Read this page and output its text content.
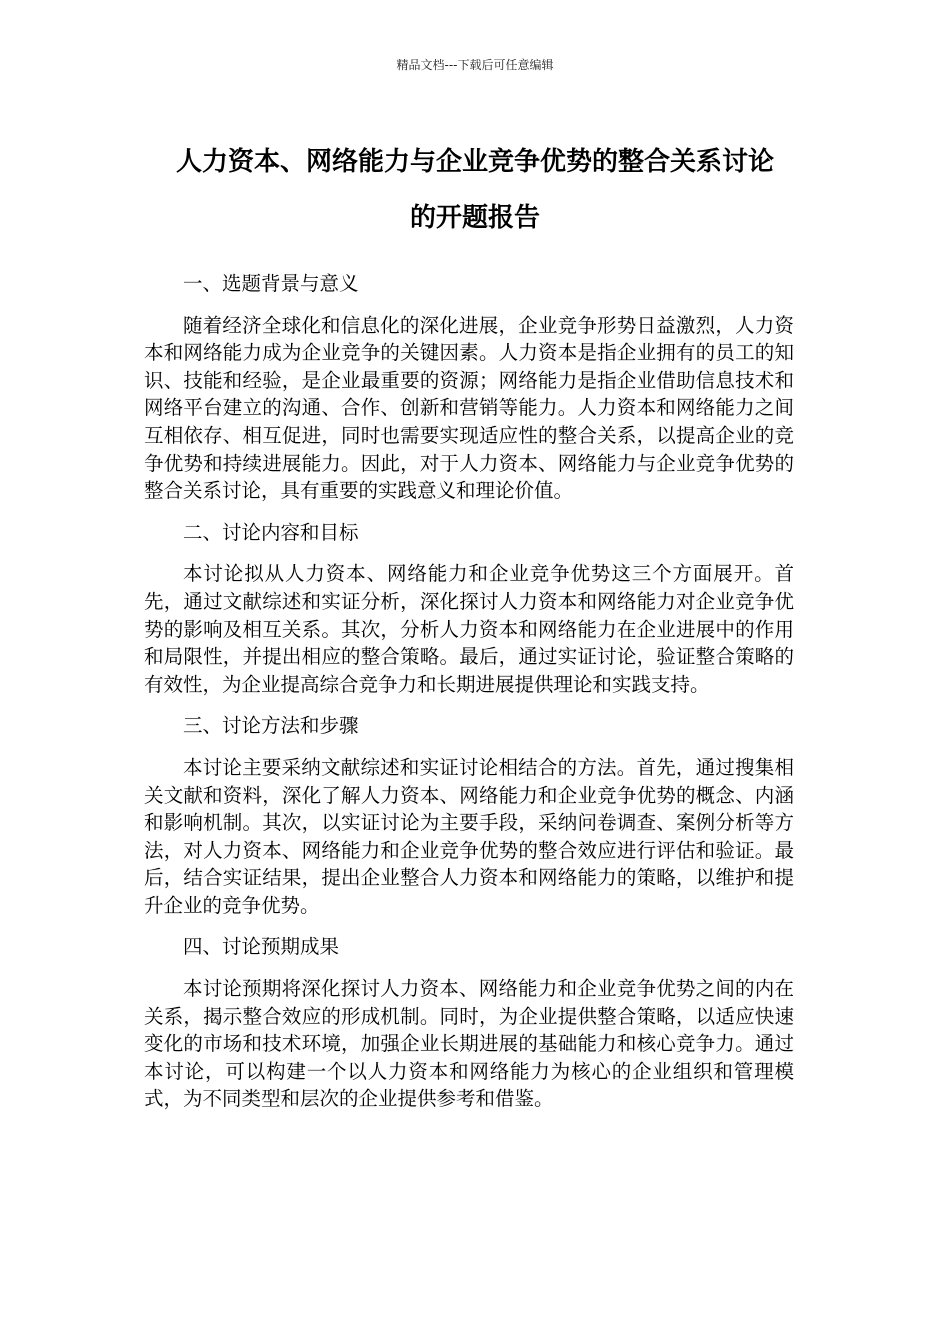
精品文档---下载后可任意编辑
人力资本、网络能力与企业竞争优势的整合关系讨论
的开题报告

一、选题背景与意义

随着经济全球化和信息化的深化进展，企业竞争形势日益激烈，人力资本和网络能力成为企业竞争的关键因素。人力资本是指企业拥有的员工的知识、技能和经验，是企业最重要的资源；网络能力是指企业借助信息技术和网络平台建立的沟通、合作、创新和营销等能力。人力资本和网络能力之间互相依存、相互促进，同时也需要实现适应性的整合关系，以提高企业的竞争优势和持续进展能力。因此，对于人力资本、网络能力与企业竞争优势的整合关系讨论，具有重要的实践意义和理论价值。

二、讨论内容和目标

本讨论拟从人力资本、网络能力和企业竞争优势这三个方面展开。首先，通过文献综述和实证分析，深化探讨人力资本和网络能力对企业竞争优势的影响及相互关系。其次，分析人力资本和网络能力在企业进展中的作用和局限性，并提出相应的整合策略。最后，通过实证讨论，验证整合策略的有效性，为企业提高综合竞争力和长期进展提供理论和实践支持。

三、讨论方法和步骤

本讨论主要采纳文献综述和实证讨论相结合的方法。首先，通过搜集相关文献和资料，深化了解人力资本、网络能力和企业竞争优势的概念、内涵和影响机制。其次，以实证讨论为主要手段，采纳问卷调查、案例分析等方法，对人力资本、网络能力和企业竞争优势的整合效应进行评估和验证。最后，结合实证结果，提出企业整合人力资本和网络能力的策略，以维护和提升企业的竞争优势。

四、讨论预期成果

本讨论预期将深化探讨人力资本、网络能力和企业竞争优势之间的内在关系，揭示整合效应的形成机制。同时，为企业提供整合策略，以适应快速变化的市场和技术环境，加强企业长期进展的基础能力和核心竞争力。通过本讨论，可以构建一个以人力资本和网络能力为核心的企业组织和管理模式，为不同类型和层次的企业提供参考和借鉴。
